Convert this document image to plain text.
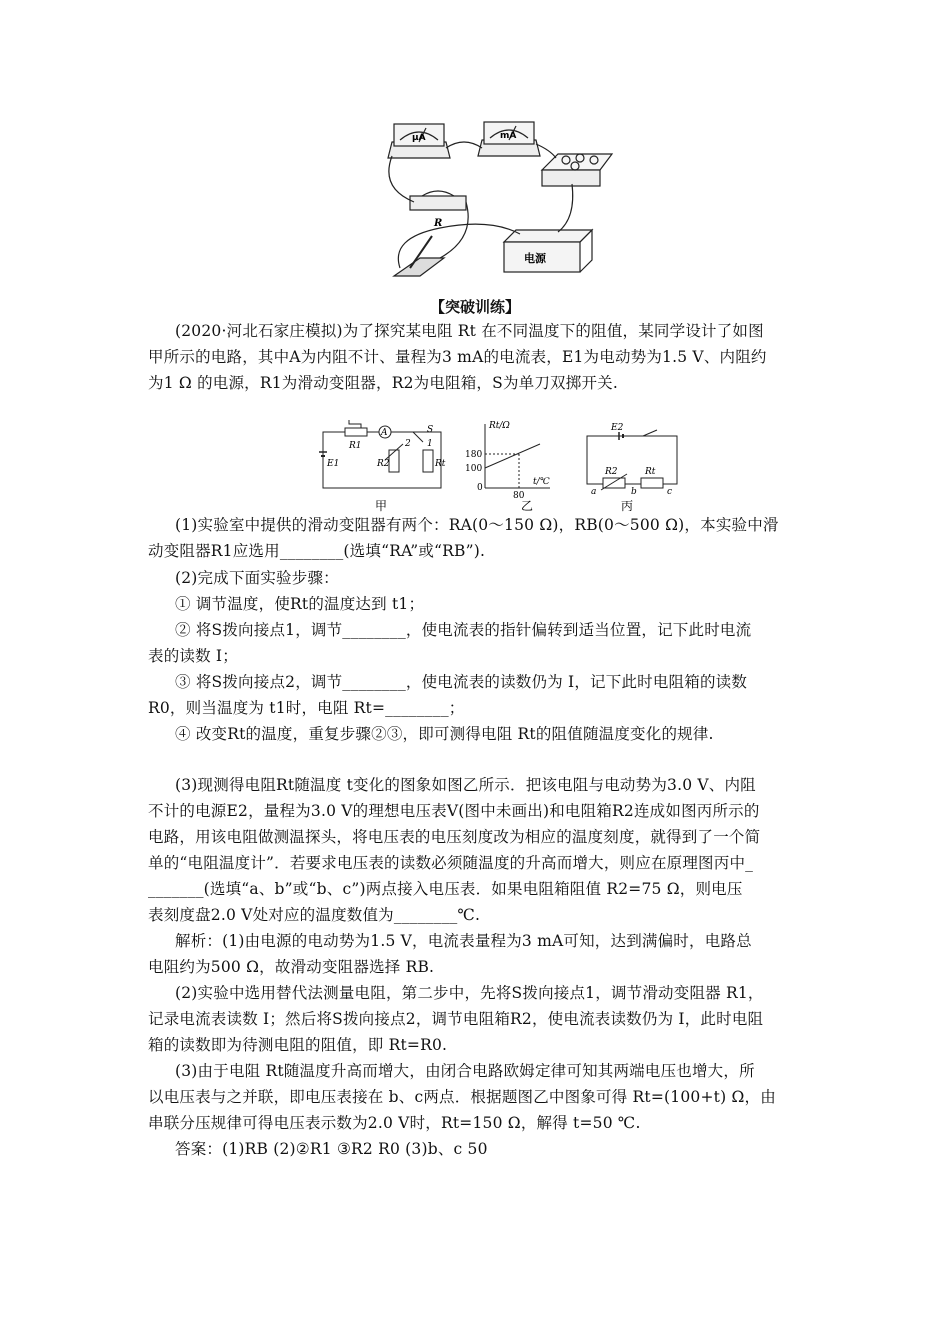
μA	mA
R
电源
【突破训练】
(2020·河北石家庄模拟)为了探究某电阻 Rt 在不同温度下的阻值，某同学设计了如图
甲所示的电路，其中A为内阻不计、量程为3 mA的电流表，E1为电动势为1.5 V、内阻约
为1 Ω 的电源，R1为滑动变阻器，R2为电阻箱，S为单刀双掷开关.
E1
R1
A	S
2 1
R2	Rt
Rt/Ω
180
100
0
t/℃
80
E2
R2	Rt
a	b	c
甲	乙	丙
(1)实验室中提供的滑动变阻器有两个：RA(0～150 Ω)，RB(0～500 Ω)，本实验中滑
动变阻器R1应选用________(选填“RA”或“RB”).
(2)完成下面实验步骤：
① 调节温度，使Rt的温度达到 t1；
② 将S拨向接点1，调节________，使电流表的指针偏转到适当位置，记下此时电流
表的读数 I；
③ 将S拨向接点2，调节________，使电流表的读数仍为 I，记下此时电阻箱的读数
R0，则当温度为 t1时，电阻 Rt=________；
④ 改变Rt的温度，重复步骤②③，即可测得电阻 Rt的阻值随温度变化的规律.
(3)现测得电阻Rt随温度 t变化的图象如图乙所示．把该电阻与电动势为3.0 V、内阻
不计的电源E2，量程为3.0 V的理想电压表V(图中未画出)和电阻箱R2连成如图丙所示的
电路，用该电阻做测温探头，将电压表的电压刻度改为相应的温度刻度，就得到了一个简
单的“电阻温度计”．若要求电压表的读数必须随温度的升高而增大，则应在原理图丙中_
_______(选填“a、b”或“b、c”)两点接入电压表．如果电阻箱阻值 R2=75 Ω，则电压
表刻度盘2.0 V处对应的温度数值为________℃.
解析：(1)由电源的电动势为1.5 V，电流表量程为3 mA可知，达到满偏时，电路总
电阻约为500 Ω，故滑动变阻器选择 RB.
(2)实验中选用替代法测量电阻，第二步中，先将S拨向接点1，调节滑动变阻器 R1，
记录电流表读数 I；然后将S拨向接点2，调节电阻箱R2，使电流表读数仍为 I，此时电阻
箱的读数即为待测电阻的阻值，即 Rt=R0.
(3)由于电阻 Rt随温度升高而增大，由闭合电路欧姆定律可知其两端电压也增大，所
以电压表与之并联，即电压表接在 b、c两点．根据题图乙中图象可得 Rt=(100+t) Ω，由
串联分压规律可得电压表示数为2.0 V时，Rt=150 Ω，解得 t=50 ℃.
答案：(1)RB (2)②R1 ③R2 R0 (3)b、c 50
